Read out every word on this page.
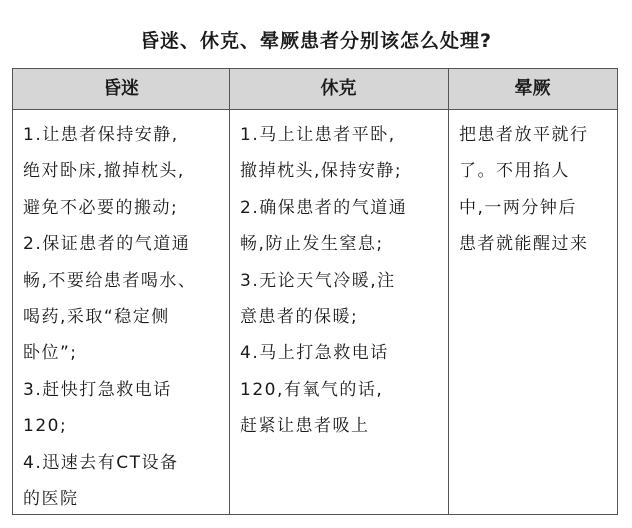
昏迷、休克、晕厥患者分别该怎么处理?
昏迷	休克	晕厥
1.让患者保持安静,
绝对卧床,撤掉枕头,
避免不必要的搬动;
2.保证患者的气道通
畅,不要给患者喝水、
喝药,采取“稳定侧
卧位”;
3.赶快打急救电话
120;
4.迅速去有CT设备
的医院
1.马上让患者平卧,
撤掉枕头,保持安静;
2.确保患者的气道通
畅,防止发生窒息;
3.无论天气冷暖,注
意患者的保暖;
4.马上打急救电话
120,有氧气的话,
赶紧让患者吸上
把患者放平就行
了。不用掐人
中,一两分钟后
患者就能醒过来
